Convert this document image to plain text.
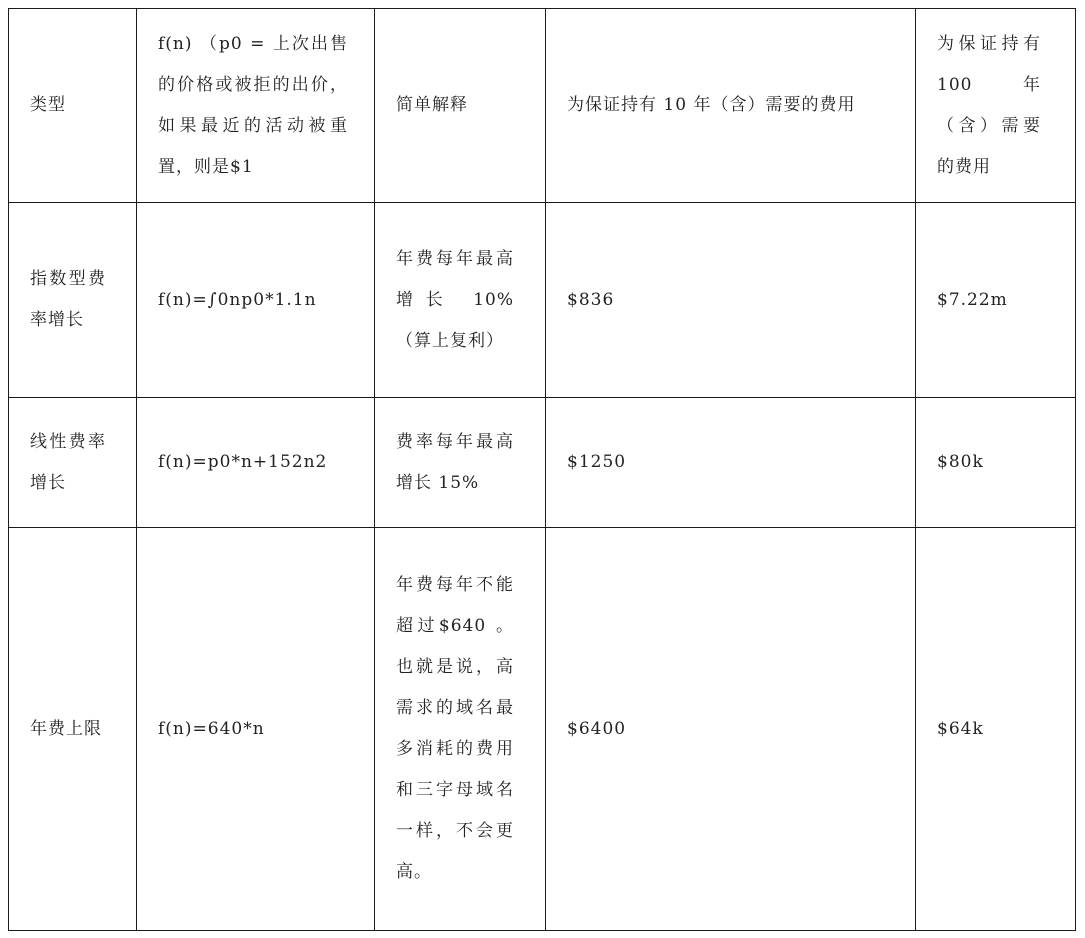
类型	f(n) （p0 = 上次出售的价格或被拒的出价，如果最近的活动被重置，则是$1	简单解释	为保证持有 10 年（含）需要的费用	为保证持有 100 年（含）需要的费用

指数型费率增长	f(n)=∫0np0*1.1n	年费每年最高增长 10%（算上复利）	$836	$7.22m

线性费率增长	f(n)=p0*n+152n2	费率每年最高增长 15%	$1250	$80k

年费上限	f(n)=640*n	年费每年不能超过$640 。也就是说，高需求的域名最多消耗的费用和三字母域名一样，不会更高。	$6400	$64k
